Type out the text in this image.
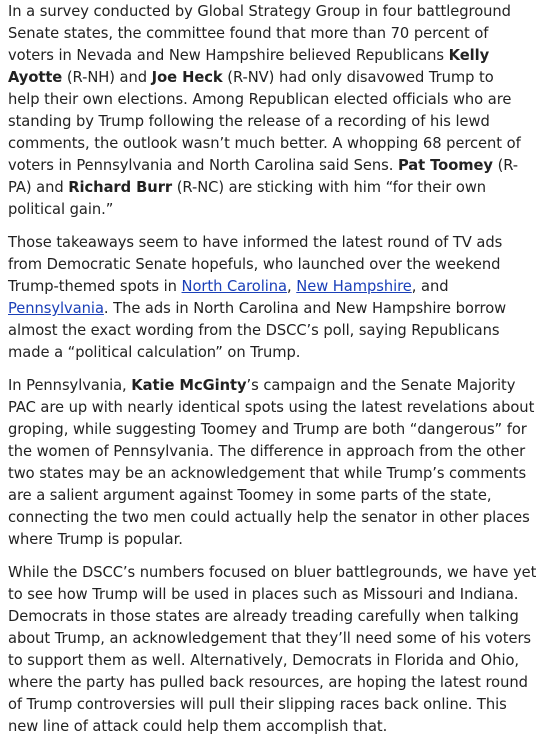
In a survey conducted by Global Strategy Group in four battleground
Senate states, the committee found that more than 70 percent of
voters in Nevada and New Hampshire believed Republicans Kelly
Ayotte (R-NH) and Joe Heck (R-NV) had only disavowed Trump to
help their own elections. Among Republican elected officials who are
standing by Trump following the release of a recording of his lewd
comments, the outlook wasn’t much better. A whopping 68 percent of
voters in Pennsylvania and North Carolina said Sens. Pat Toomey (R-
PA) and Richard Burr (R-NC) are sticking with him “for their own
political gain.”

Those takeaways seem to have informed the latest round of TV ads
from Democratic Senate hopefuls, who launched over the weekend
Trump-themed spots in North Carolina, New Hampshire, and
Pennsylvania. The ads in North Carolina and New Hampshire borrow
almost the exact wording from the DSCC’s poll, saying Republicans
made a “political calculation” on Trump.

In Pennsylvania, Katie McGinty’s campaign and the Senate Majority
PAC are up with nearly identical spots using the latest revelations about
groping, while suggesting Toomey and Trump are both “dangerous” for
the women of Pennsylvania. The difference in approach from the other
two states may be an acknowledgement that while Trump’s comments
are a salient argument against Toomey in some parts of the state,
connecting the two men could actually help the senator in other places
where Trump is popular.

While the DSCC’s numbers focused on bluer battlegrounds, we have yet
to see how Trump will be used in places such as Missouri and Indiana.
Democrats in those states are already treading carefully when talking
about Trump, an acknowledgement that they’ll need some of his voters
to support them as well. Alternatively, Democrats in Florida and Ohio,
where the party has pulled back resources, are hoping the latest round
of Trump controversies will pull their slipping races back online. This
new line of attack could help them accomplish that.
